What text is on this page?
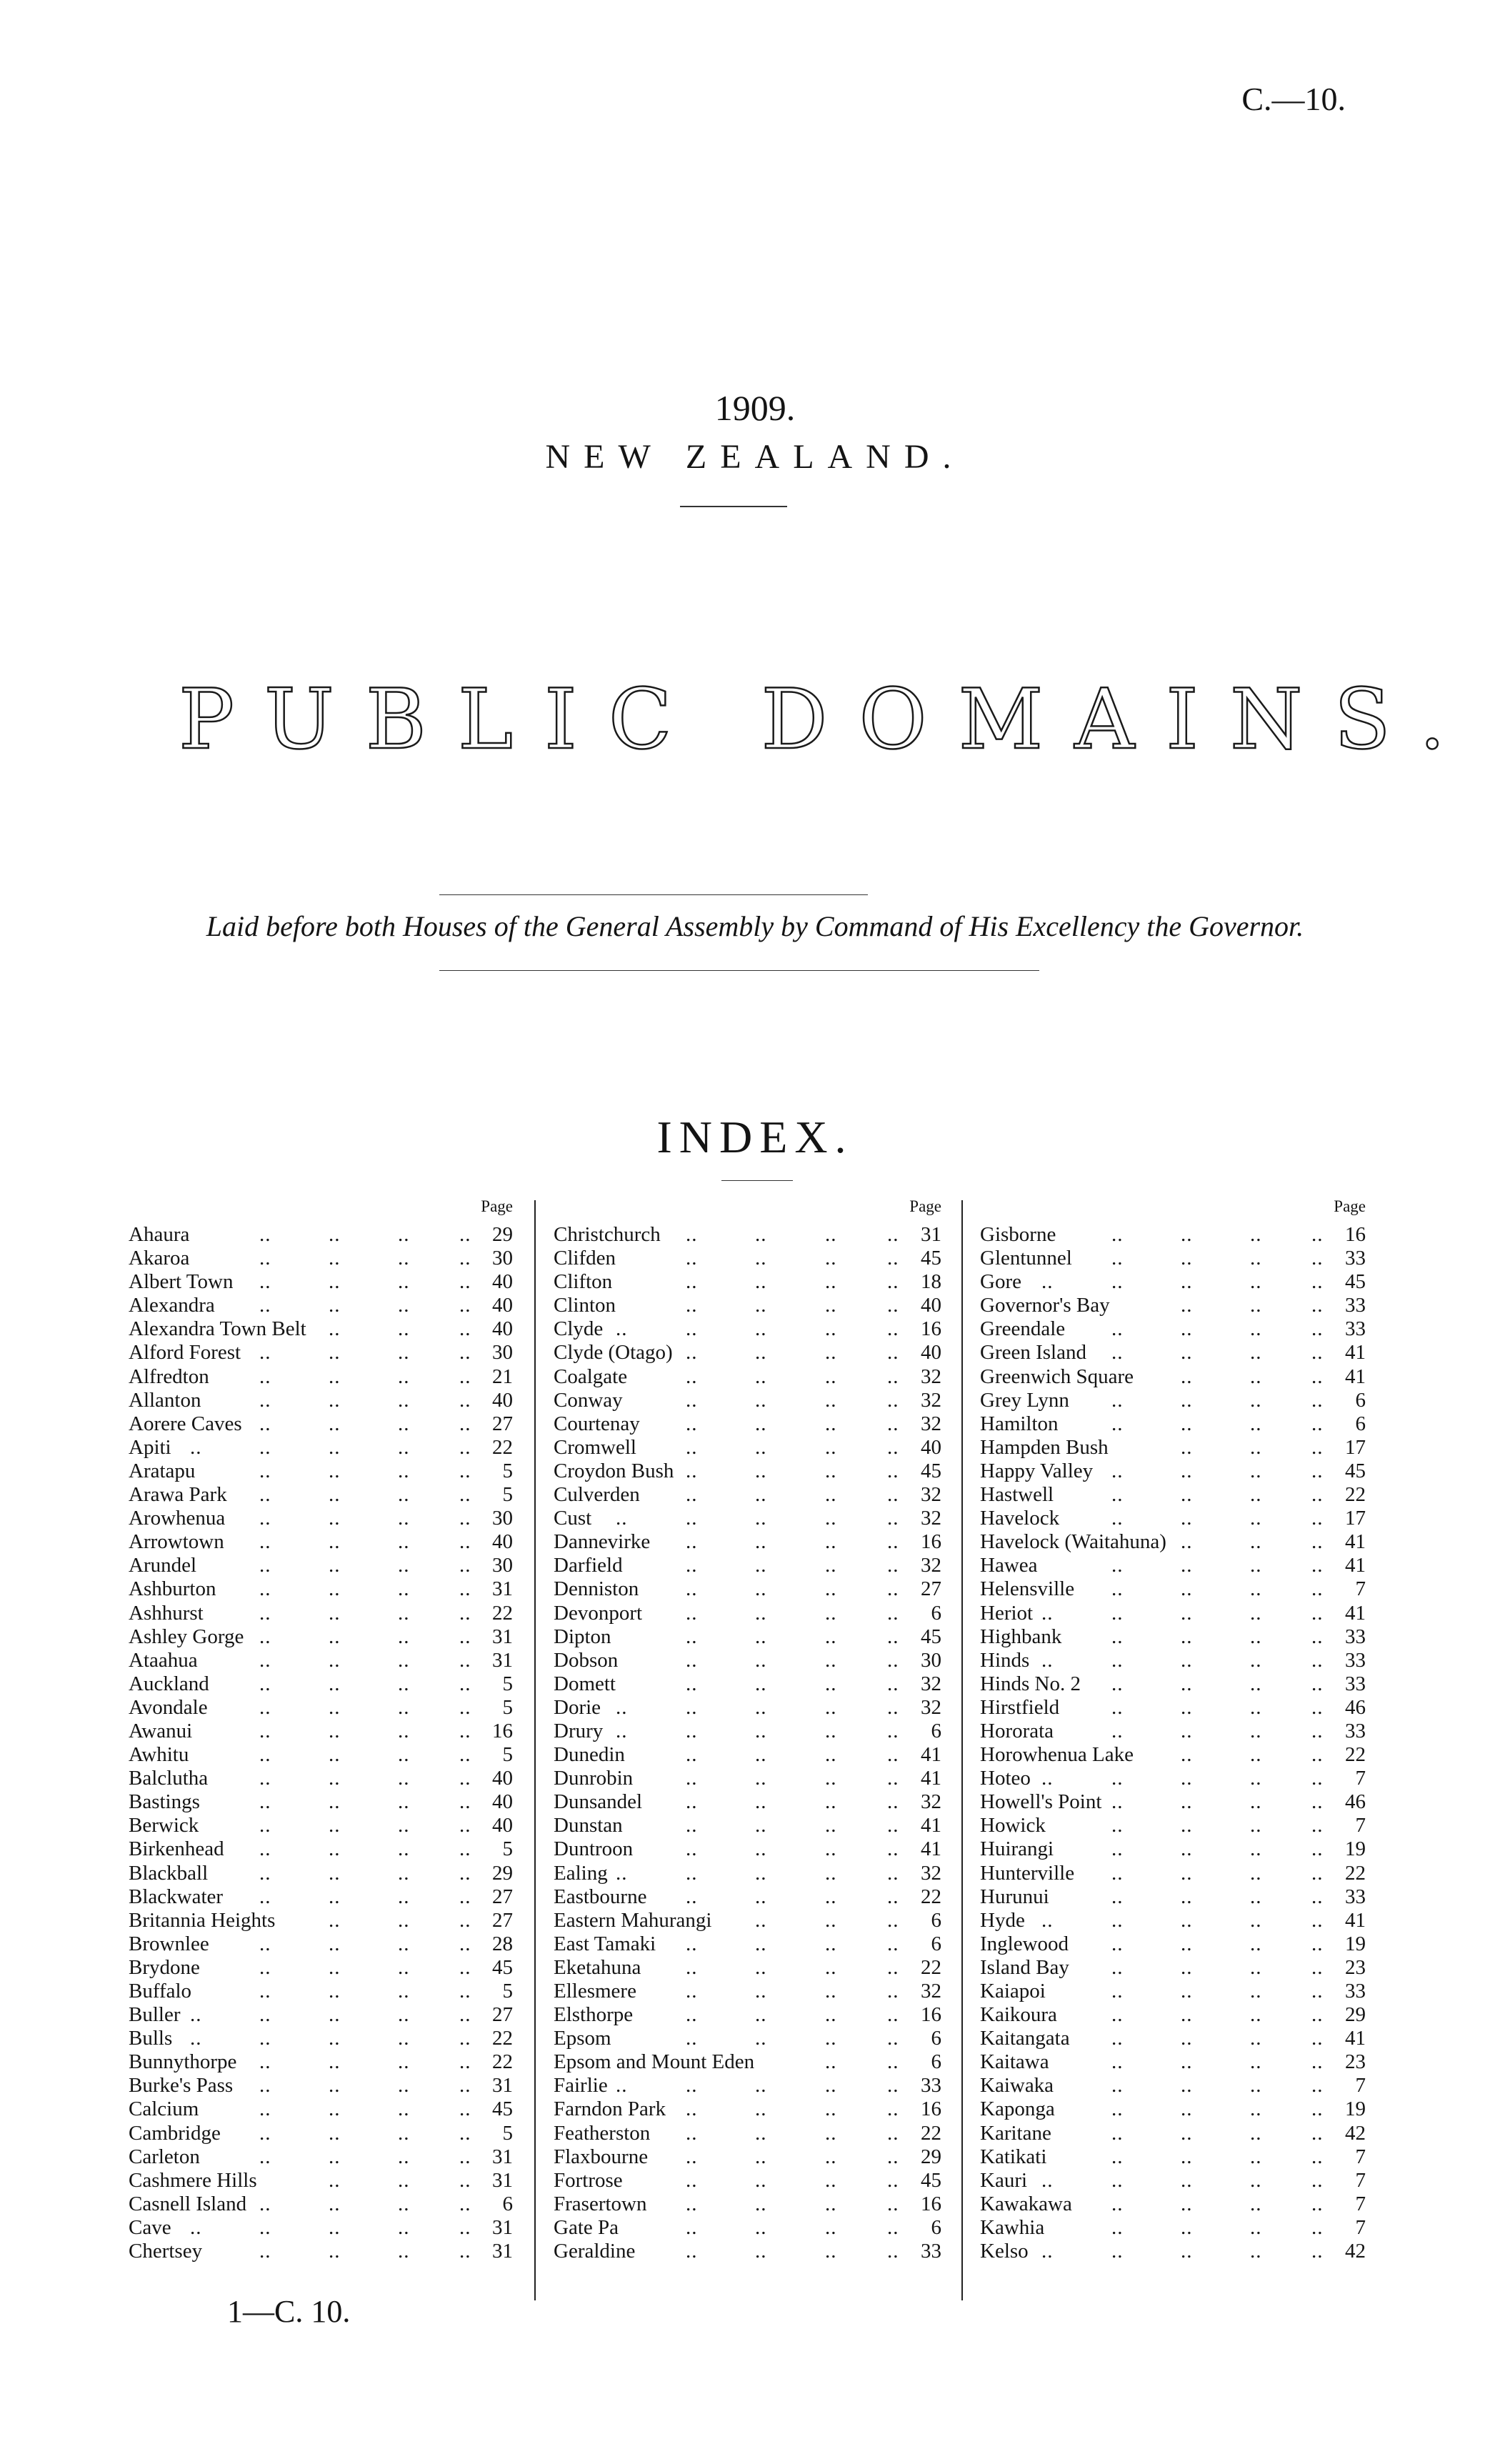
C.—10.
1909.
NEW ZEALAND.
PUBLIC DOMAINS.
Laid before both Houses of the General Assembly by Command of His Excellency the Governor.
INDEX.
Page
Ahaura	..	..	.. .. 29
Akaroa	..	..	.. .. 30
Albert Town ..	..	.. .. 40
Alexandra ..	..	.. .. 40
Alexandra Town Belt ..	.. .. 40
Alford Forest ..	..	.. .. 30
Alfredton ..	..	.. .. 21
Allanton	..	..	.. .. 40
Aorere Caves ..	..	.. .. 27
Apiti ..	..	..	.. .. 22
Aratapu	..	..	.. .. 5
Arawa Park ..	..	.. .. 5
Arowhenua ..	..	.. .. 30
Arrowtown ..	..	.. .. 40
Arundel	..	..	.. .. 30
Ashburton ..	..	.. .. 31
Ashhurst	..	..	.. .. 22
Ashley Gorge ..	..	.. .. 31
Ataahua	..	..	.. .. 31
Auckland ..	..	.. .. 5
Avondale ..	..	.. .. 5
Awanui	..	..	.. .. 16
Awhitu	..	..	.. .. 5
Balclutha ..	..	.. .. 40
Bastings	..	..	.. .. 40
Berwick	..	..	.. .. 40
Birkenhead ..	..	.. .. 5
Blackball ..	..	.. .. 29
Blackwater ..	..	.. .. 27
Britannia Heights	..	.. .. 27
Brownlee ..	..	.. .. 28
Brydone	..	..	.. .. 45
Buffalo	..	..	.. .. 5
Buller ..	..	..	.. .. 27
Bulls ..	..	..	.. .. 22
Bunnythorpe ..	..	.. .. 22
Burke's Pass ..	..	.. .. 31
Calcium	..	..	.. .. 45
Cambridge ..	..	.. .. 5
Carleton	..	..	.. .. 31
Cashmere Hills	..	.. .. 31
Casnell Island ..	..	.. .. 6
Cave ..	..	..	.. .. 31
Chertsey	..	..	.. .. 31
Page
Christchurch ..	..	.. .. 31
Clifden	..	..	.. .. 45
Clifton	..	..	.. .. 18
Clinton	..	..	.. .. 40
Clyde ..	..	..	.. .. 16
Clyde (Otago) ..	..	.. .. 40
Coalgate	..	..	.. .. 32
Conway	..	..	.. .. 32
Courtenay ..	..	.. .. 32
Cromwell ..	..	.. .. 40
Croydon Bush ..	..	.. .. 45
Culverden ..	..	.. .. 32
Cust ..	..	..	.. .. 32
Dannevirke ..	..	.. .. 16
Darfield	..	..	.. .. 32
Denniston ..	..	.. .. 27
Devonport ..	..	.. .. 6
Dipton	..	..	.. .. 45
Dobson	..	..	.. .. 30
Domett	..	..	.. .. 32
Dorie ..	..	..	.. .. 32
Drury ..	..	..	.. .. 6
Dunedin	..	..	.. .. 41
Dunrobin	..	..	.. .. 41
Dunsandel ..	..	.. .. 32
Dunstan	..	..	.. .. 41
Duntroon	..	..	.. .. 41
Ealing ..	..	..	.. .. 32
Eastbourne ..	..	.. .. 22
Eastern Mahurangi ..	.. .. 6
East Tamaki ..	..	.. .. 6
Eketahuna ..	..	.. .. 22
Ellesmere ..	..	.. .. 32
Elsthorpe	..	..	.. .. 16
Epsom	..	..	.. .. 6
Epsom and Mount Eden	.. .. 6
Fairlie ..	..	..	.. .. 33
Farndon Park ..	..	.. .. 16
Featherston ..	..	.. .. 22
Flaxbourne ..	..	.. .. 29
Fortrose	..	..	.. .. 45
Frasertown ..	..	.. .. 16
Gate Pa	..	..	.. .. 6
Geraldine ..	..	.. .. 33
Page
Gisborne	..	..	.. .. 16
Glentunnel ..	..	.. .. 33
Gore ..	..	..	.. .. 45
Governor's Bay	..	.. .. 33
Greendale ..	..	.. .. 33
Green Island ..	..	.. .. 41
Greenwich Square ..	.. .. 41
Grey Lynn ..	..	.. .. 6
Hamilton	..	..	.. .. 6
Hampden Bush	..	.. .. 17
Happy Valley ..	..	.. .. 45
Hastwell	..	..	.. .. 22
Havelock	..	..	.. .. 17
Havelock (Waitahuna) ..	.. .. 41
Hawea	..	..	.. .. 41
Helensville ..	..	.. .. 7
Heriot ..	..	..	.. .. 41
Highbank ..	..	.. .. 33
Hinds ..	..	..	.. .. 33
Hinds No. 2 ..	..	.. .. 33
Hirstfield	..	..	.. .. 46
Hororata	..	..	.. .. 33
Horowhenua Lake ..	.. .. 22
Hoteo ..	..	..	.. .. 7
Howell's Point ..	..	.. .. 46
Howick	..	..	.. .. 7
Huirangi	..	..	.. .. 19
Hunterville ..	..	.. .. 22
Hurunui	..	..	.. .. 33
Hyde ..	..	..	.. .. 41
Inglewood ..	..	.. .. 19
Island Bay ..	..	.. .. 23
Kaiapoi	..	..	.. .. 33
Kaikoura	..	..	.. .. 29
Kaitangata ..	..	.. .. 41
Kaitawa	..	..	.. .. 23
Kaiwaka	..	..	.. .. 7
Kaponga	..	..	.. .. 19
Karitane	..	..	.. .. 42
Katikati	..	..	.. .. 7
Kauri ..	..	..	.. .. 7
Kawakawa ..	..	.. .. 7
Kawhia	..	..	.. .. 7
Kelso ..	..	..	.. .. 42
1—C. 10.
